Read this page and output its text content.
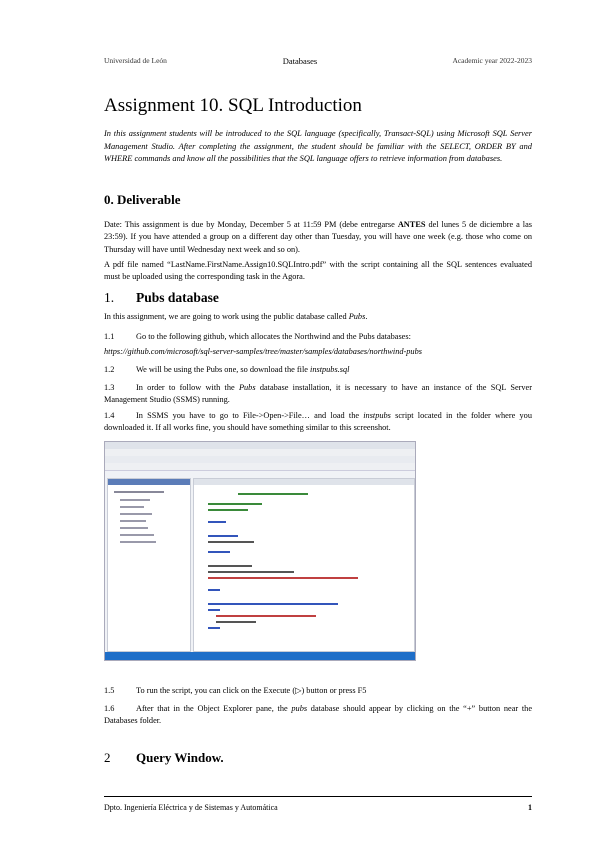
Universidad de León	Databases	Academic year 2022-2023
Assignment 10. SQL Introduction
In this assignment students will be introduced to the SQL language (specifically, Transact-SQL) using Microsoft SQL Server Management Studio. After completing the assignment, the student should be familiar with the SELECT, ORDER BY and WHERE commands and know all the possibilities that the SQL language offers to retrieve information from databases.
0. Deliverable

Date: This assignment is due by Monday, December 5 at 11:59 PM (debe entregarse ANTES del lunes 5 de diciembre a las 23:59). If you have attended a group on a different day other than Tuesday, you will have one week (e.g. those who come on Thursday will have until Wednesday next week and so on).

A pdf file named “LastName.FirstName.Assign10.SQLIntro.pdf” with the script containing all the SQL sentences evaluated must be uploaded using the corresponding task in the Agora.

1. Pubs database

In this assignment, we are going to work using the public database called Pubs.

1.1	Go to the following github, which allocates the Northwind and the Pubs databases:

https://github.com/microsoft/sql-server-samples/tree/master/samples/databases/northwind-pubs

1.2	We will be using the Pubs one, so download the file instpubs.sql

1.3	In order to follow with the Pubs database installation, it is necessary to have an instance of the SQL Server Management Studio (SSMS) running.

1.4	In SSMS you have to go to File->Open->File… and load the instpubs script located in the folder where you downloaded it. If all works fine, you should have something similar to this screenshot.

1.5	To run the script, you can click on the Execute (▷) button or press F5

1.6	After that in the Object Explorer pane, the pubs database should appear by clicking on the “+” button near the Databases folder.

2 Query Window.
Dpto. Ingeniería Eléctrica y de Sistemas y Automática	1
